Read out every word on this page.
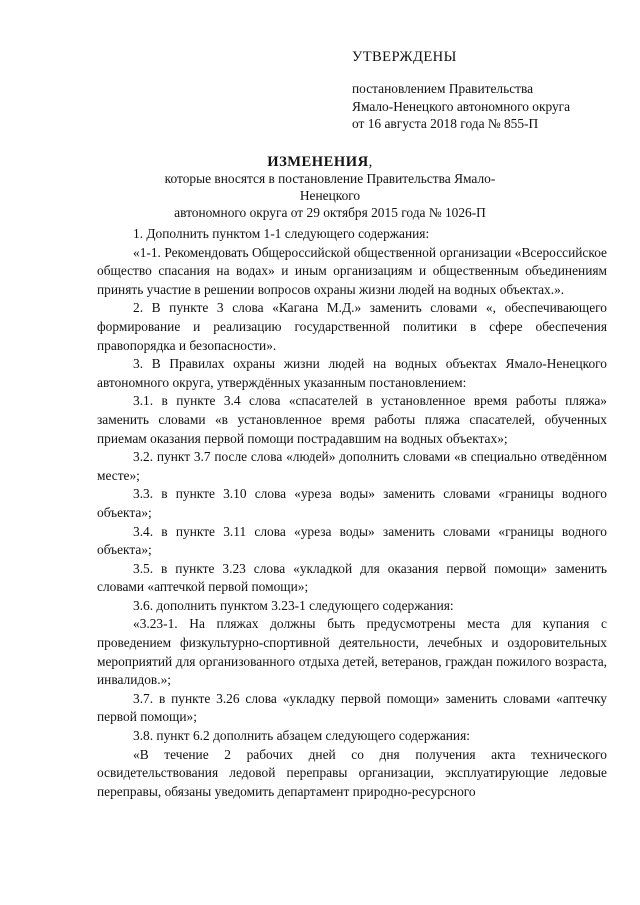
УТВЕРЖДЕНЫ
постановлением Правительства
Ямало-Ненецкого автономного округа
от 16 августа 2018 года № 855-П
ИЗМЕНЕНИЯ,
которые вносятся в постановление Правительства Ямало-Ненецкого
автономного округа от 29 октября 2015 года № 1026-П

1. Дополнить пунктом 1-1 следующего содержания:

«1-1. Рекомендовать Общероссийской общественной организации «Всероссийское общество спасания на водах» и иным организациям и общественным объединениям принять участие в решении вопросов охраны жизни людей на водных объектах.».

2. В пункте 3 слова «Кагана М.Д.» заменить словами «, обеспечивающего формирование и реализацию государственной политики в сфере обеспечения правопорядка и безопасности».

3. В Правилах охраны жизни людей на водных объектах Ямало-Ненецкого автономного округа, утверждённых указанным постановлением:

3.1. в пункте 3.4 слова «спасателей в установленное время работы пляжа» заменить словами «в установленное время работы пляжа спасателей, обученных приемам оказания первой помощи пострадавшим на водных объектах»;

3.2. пункт 3.7 после слова «людей» дополнить словами «в специально отведённом месте»;

3.3. в пункте 3.10 слова «уреза воды» заменить словами «границы водного объекта»;

3.4. в пункте 3.11 слова «уреза воды» заменить словами «границы водного объекта»;

3.5. в пункте 3.23 слова «укладкой для оказания первой помощи» заменить словами «аптечкой первой помощи»;

3.6. дополнить пунктом 3.23-1 следующего содержания:

«3.23-1. На пляжах должны быть предусмотрены места для купания с проведением физкультурно-спортивной деятельности, лечебных и оздоровительных мероприятий для организованного отдыха детей, ветеранов, граждан пожилого возраста, инвалидов.»;

3.7. в пункте 3.26 слова «укладку первой помощи» заменить словами «аптечку первой помощи»;

3.8. пункт 6.2 дополнить абзацем следующего содержания:

«В течение 2 рабочих дней со дня получения акта технического освидетельствования ледовой переправы организации, эксплуатирующие ледовые переправы, обязаны уведомить департамент природно-ресурсного
